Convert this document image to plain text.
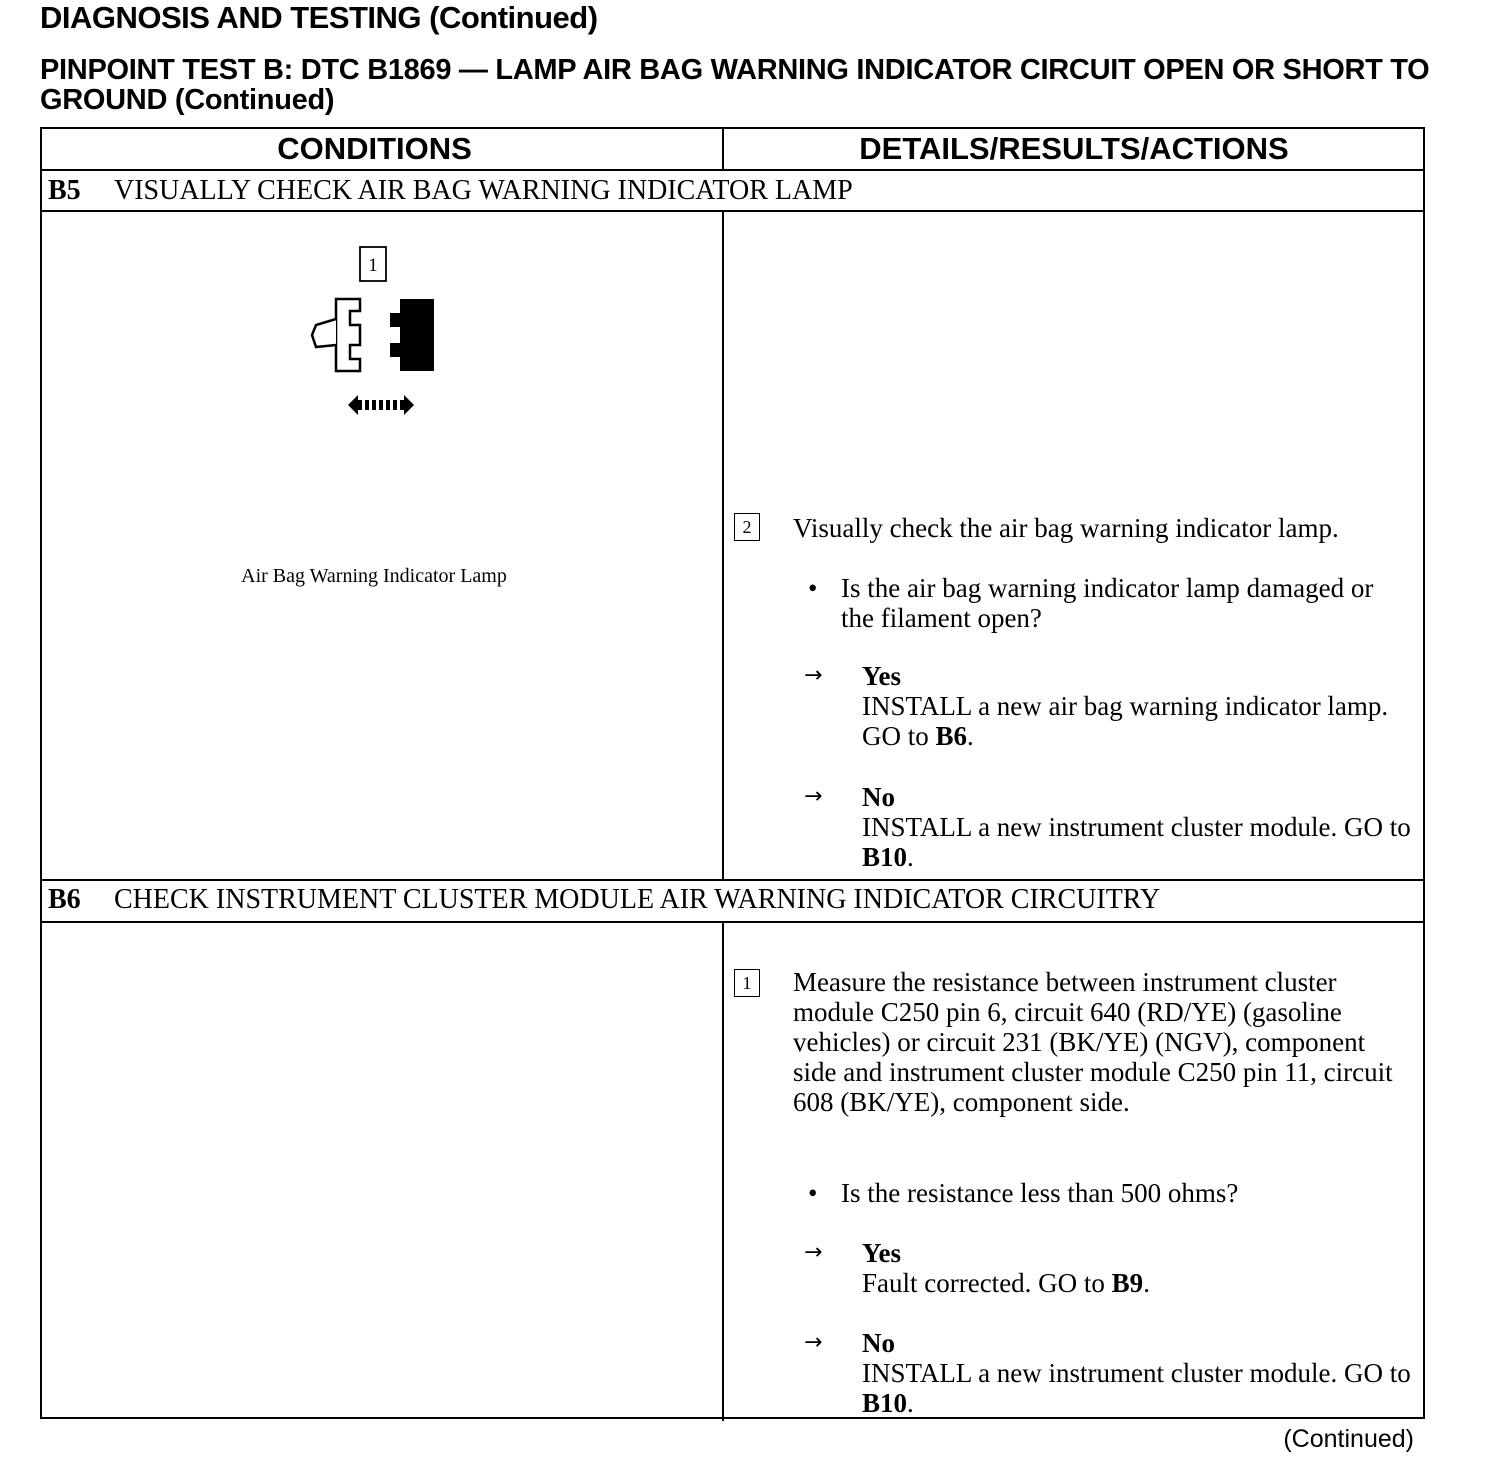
DIAGNOSIS AND TESTING (Continued)
PINPOINT TEST B: DTC B1869 — LAMP AIR BAG WARNING INDICATOR CIRCUIT OPEN OR SHORT TO GROUND (Continued)
CONDITIONS	DETAILS/RESULTS/ACTIONS
B5 VISUALLY CHECK AIR BAG WARNING INDICATOR LAMP
1
Air Bag Warning Indicator Lamp
2	Visually check the air bag warning indicator lamp.
• Is the air bag warning indicator lamp damaged or the filament open?
→ Yes
INSTALL a new air bag warning indicator lamp. GO to B6.
→ No
INSTALL a new instrument cluster module. GO to B10.
B6 CHECK INSTRUMENT CLUSTER MODULE AIR WARNING INDICATOR CIRCUITRY
1	Measure the resistance between instrument cluster module C250 pin 6, circuit 640 (RD/YE) (gasoline vehicles) or circuit 231 (BK/YE) (NGV), component side and instrument cluster module C250 pin 11, circuit 608 (BK/YE), component side.
• Is the resistance less than 500 ohms?
→ Yes
Fault corrected. GO to B9.
→ No
INSTALL a new instrument cluster module. GO to B10.
(Continued)
